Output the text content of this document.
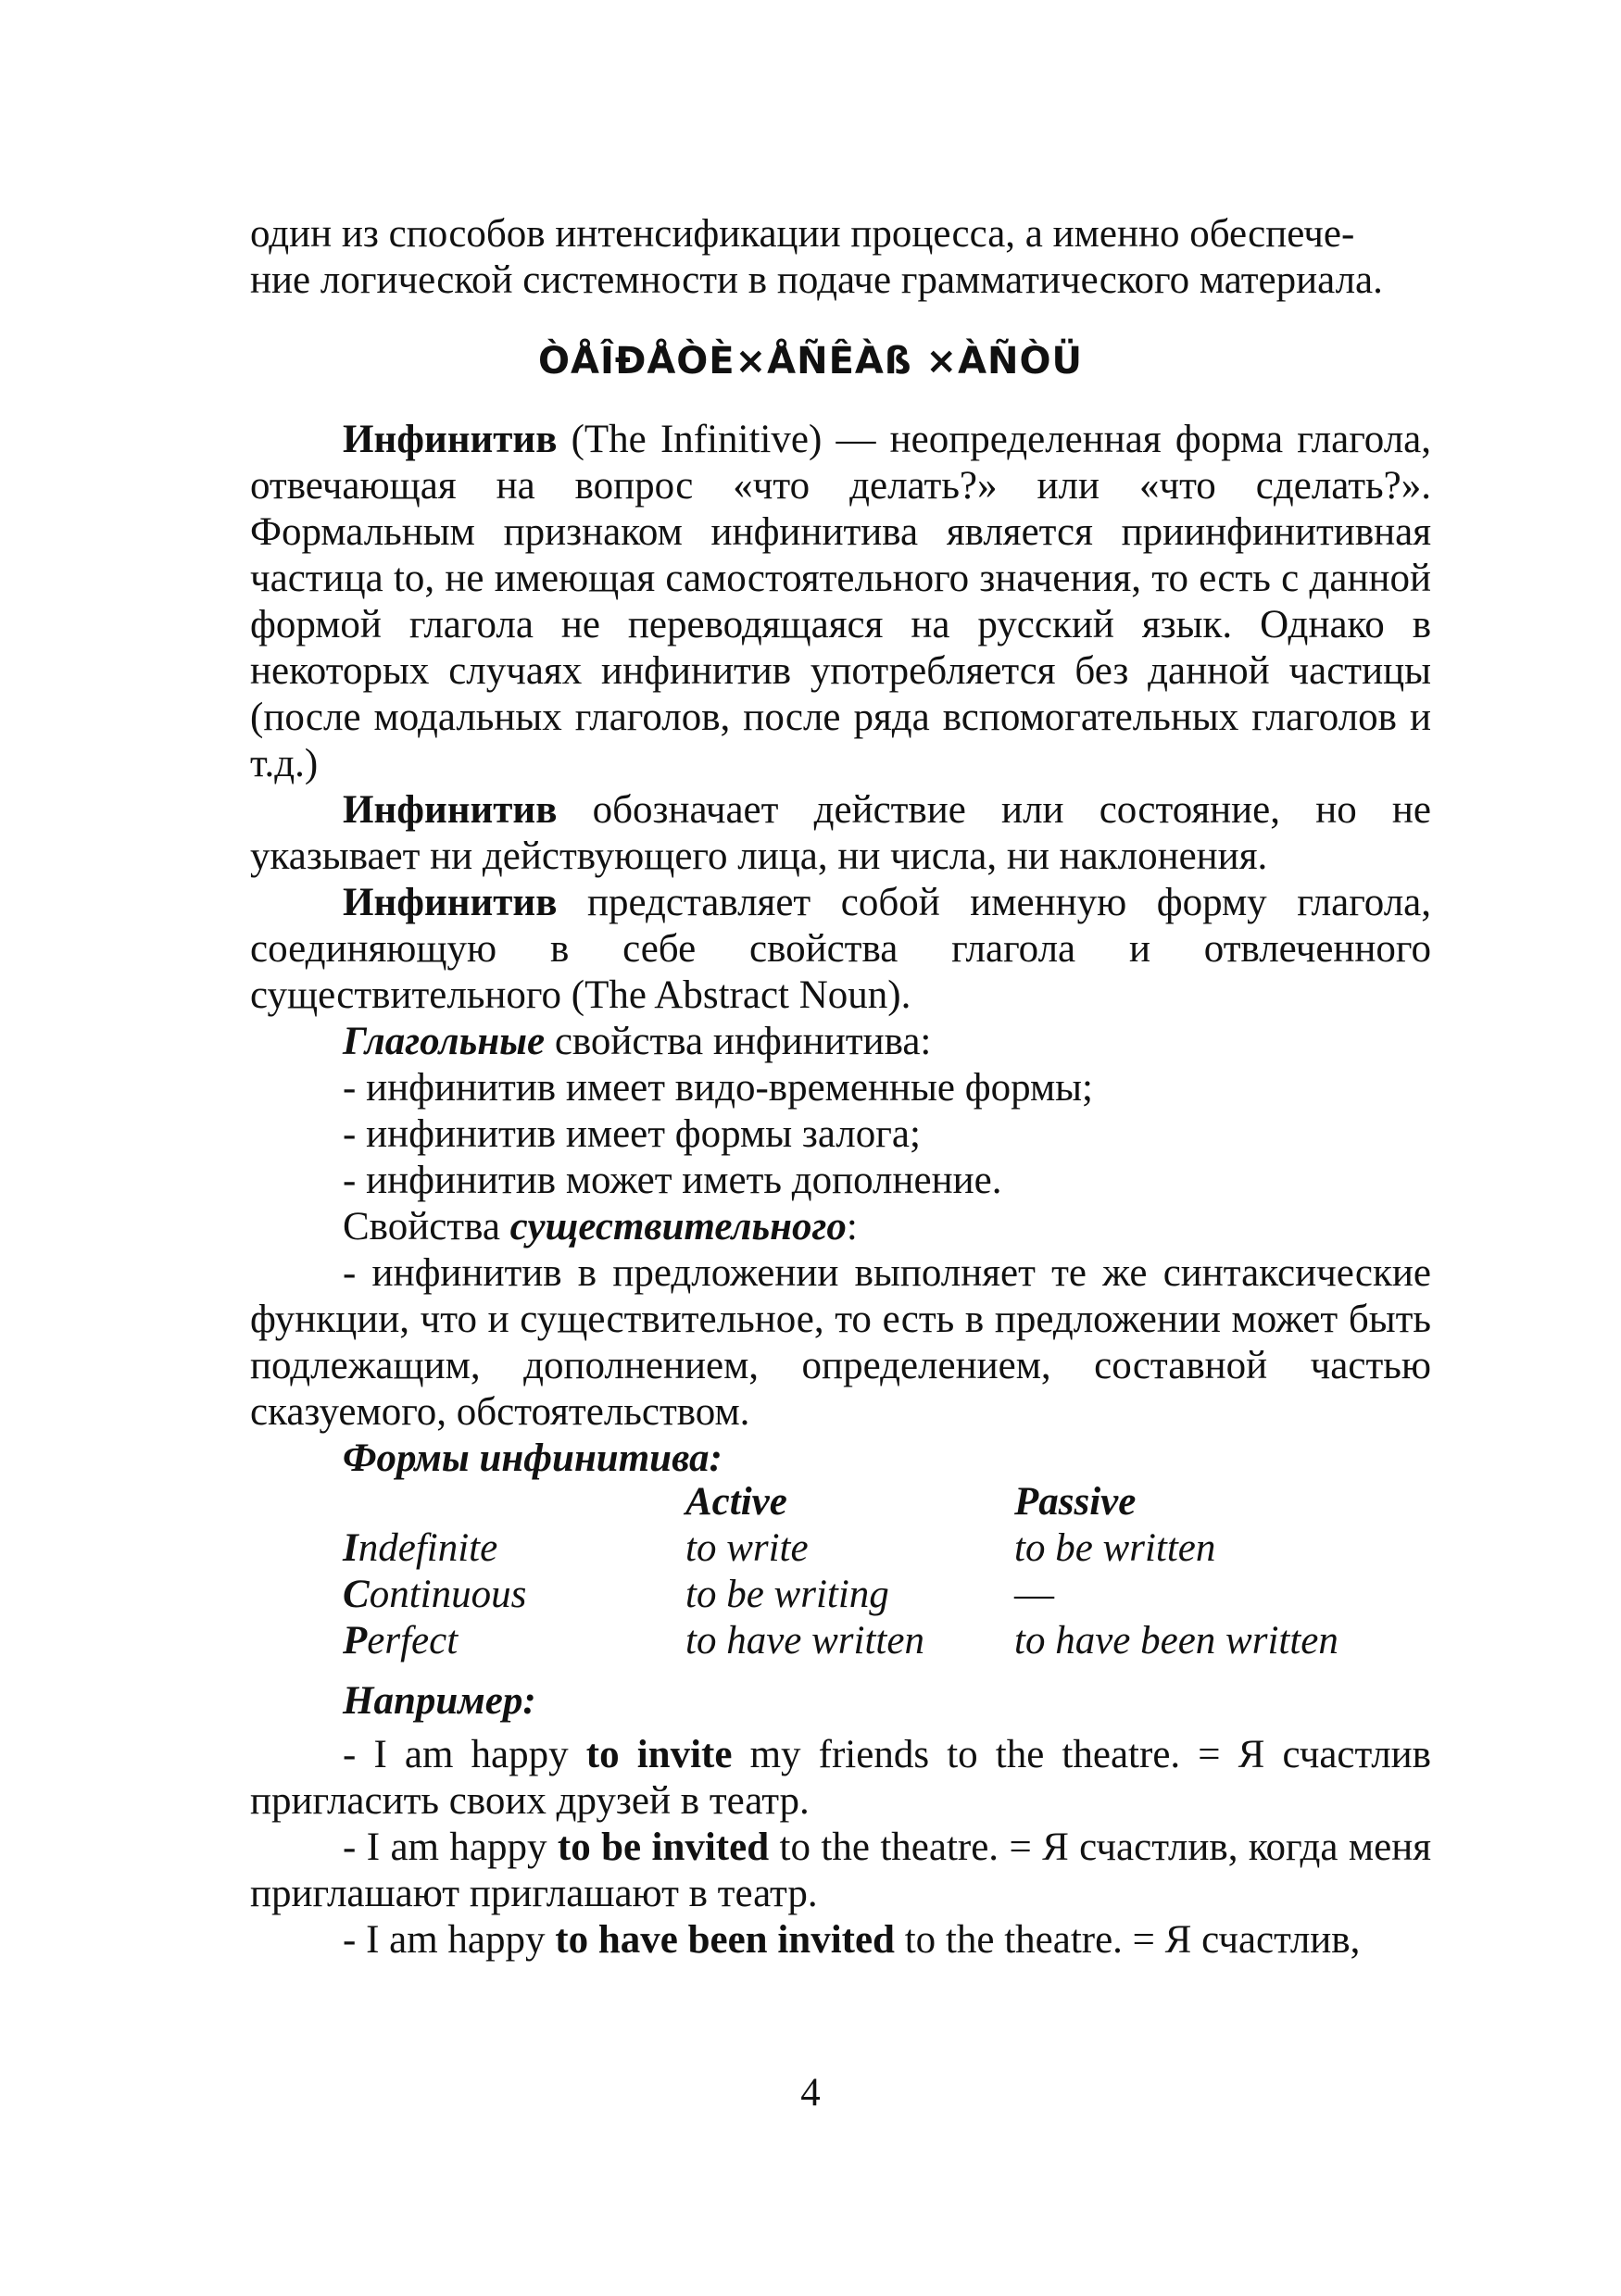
один из способов интенсификации процесса, а именно обеспече-

ние логической системности в подаче грамматического материала.

ÒÅÎÐÅÒÈ×ÅÑÊÀß ×ÀÑÒÜ

Инфинитив (The Infinitive) — неопределенная форма глагола, отвечающая на вопрос «что делать?» или «что сделать?». Формальным признаком инфинитива является приинфинитивная частица to, не имеющая самостоятельного значения, то есть с данной формой глагола не переводящаяся на русский язык. Однако в некоторых случаях инфинитив употребляется без данной частицы (после модальных глаголов, после ряда вспомогательных глаголов и т.д.)

Инфинитив обозначает действие или состояние, но не указывает ни действующего лица, ни числа, ни наклонения.

Инфинитив представляет собой именную форму глагола, соединяющую в себе свойства глагола и отвлеченного существительного (The Abstract Noun).

Глагольные свойства инфинитива:

- инфинитив имеет видо-временные формы;

- инфинитив имеет формы залога;

- инфинитив может иметь дополнение.

Свойства существительного:

- инфинитив в предложении выполняет те же синтаксические функции, что и существительное, то есть в предложении может быть подлежащим, дополнением, определением, составной частью сказуемого, обстоятельством.

Формы инфинитива:

	Active	Passive
Indefinite	to write	to be written
Continuous	to be writing	—
Perfect	to have written	to have been written

Например:

- I am happy to invite my friends to the theatre. = Я счастлив пригласить своих друзей в театр.

- I am happy to be invited to the theatre. = Я счастлив, когда меня приглашают приглашают в театр.

- I am happy to have been invited to the theatre. = Я счастлив,

4
